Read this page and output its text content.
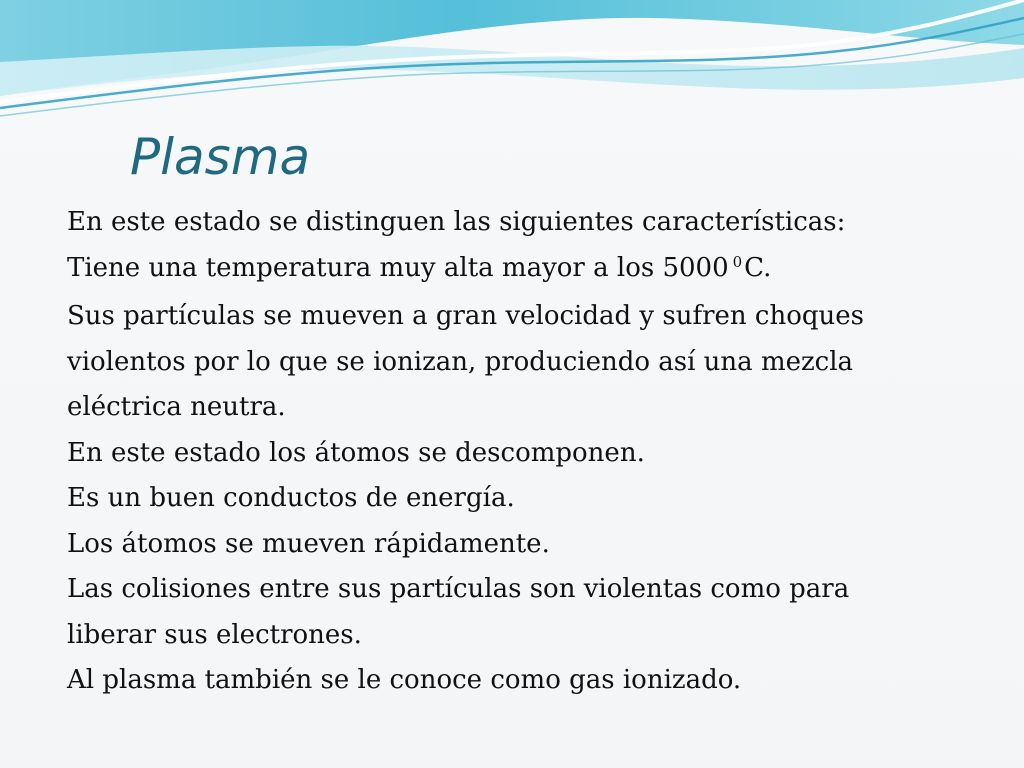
Plasma
En este estado se distinguen las siguientes características:
Tiene una temperatura muy alta mayor a los 5000 $^0$C.
Sus partículas se mueven a gran velocidad y sufren choques
violentos por lo que se ionizan, produciendo así una mezcla
eléctrica neutra.
En este estado los átomos se descomponen.
Es un buen conductos de energía.
Los átomos se mueven rápidamente.
Las colisiones entre sus partículas son violentas como para
liberar sus electrones.
Al plasma también se le conoce como gas ionizado.
